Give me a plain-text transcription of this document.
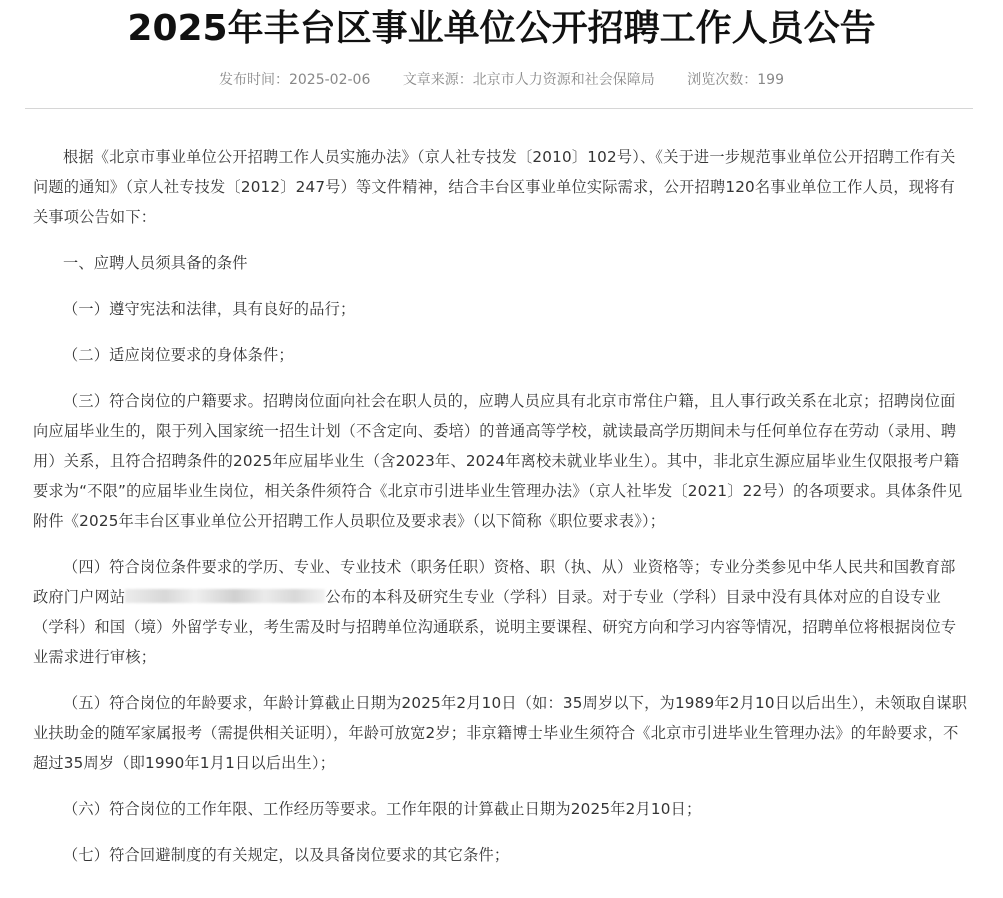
2025年丰台区事业单位公开招聘工作人员公告
发布时间：2025-02-06 文章来源：北京市人力资源和社会保障局 浏览次数：199

根据《北京市事业单位公开招聘工作人员实施办法》（京人社专技发〔2010〕102号）、《关于进一步规范事业单位公开招聘工作有关问题的通知》（京人社专技发〔2012〕247号）等文件精神，结合丰台区事业单位实际需求，公开招聘120名事业单位工作人员，现将有关事项公告如下：

一、应聘人员须具备的条件

（一）遵守宪法和法律，具有良好的品行；

（二）适应岗位要求的身体条件；

（三）符合岗位的户籍要求。招聘岗位面向社会在职人员的，应聘人员应具有北京市常住户籍，且人事行政关系在北京；招聘岗位面向应届毕业生的，限于列入国家统一招生计划（不含定向、委培）的普通高等学校，就读最高学历期间未与任何单位存在劳动（录用、聘用）关系，且符合招聘条件的2025年应届毕业生（含2023年、2024年离校未就业毕业生）。其中，非北京生源应届毕业生仅限报考户籍要求为“不限”的应届毕业生岗位，相关条件须符合《北京市引进毕业生管理办法》（京人社毕发〔2021〕22号）的各项要求。具体条件见附件《2025年丰台区事业单位公开招聘工作人员职位及要求表》（以下简称《职位要求表》）；

（四）符合岗位条件要求的学历、专业、专业技术（职务任职）资格、职（执、从）业资格等；专业分类参见中华人民共和国教育部政府门户网站	公布的本科及研究生专业（学科）目录。对于专业（学科）目录中没有具体对应的自设专业（学科）和国（境）外留学专业，考生需及时与招聘单位沟通联系，说明主要课程、研究方向和学习内容等情况，招聘单位将根据岗位专业需求进行审核；

（五）符合岗位的年龄要求，年龄计算截止日期为2025年2月10日（如：35周岁以下，为1989年2月10日以后出生），未领取自谋职业扶助金的随军家属报考（需提供相关证明），年龄可放宽2岁；非京籍博士毕业生须符合《北京市引进毕业生管理办法》的年龄要求，不超过35周岁（即1990年1月1日以后出生）；

（六）符合岗位的工作年限、工作经历等要求。工作年限的计算截止日期为2025年2月10日；

（七）符合回避制度的有关规定，以及具备岗位要求的其它条件；
